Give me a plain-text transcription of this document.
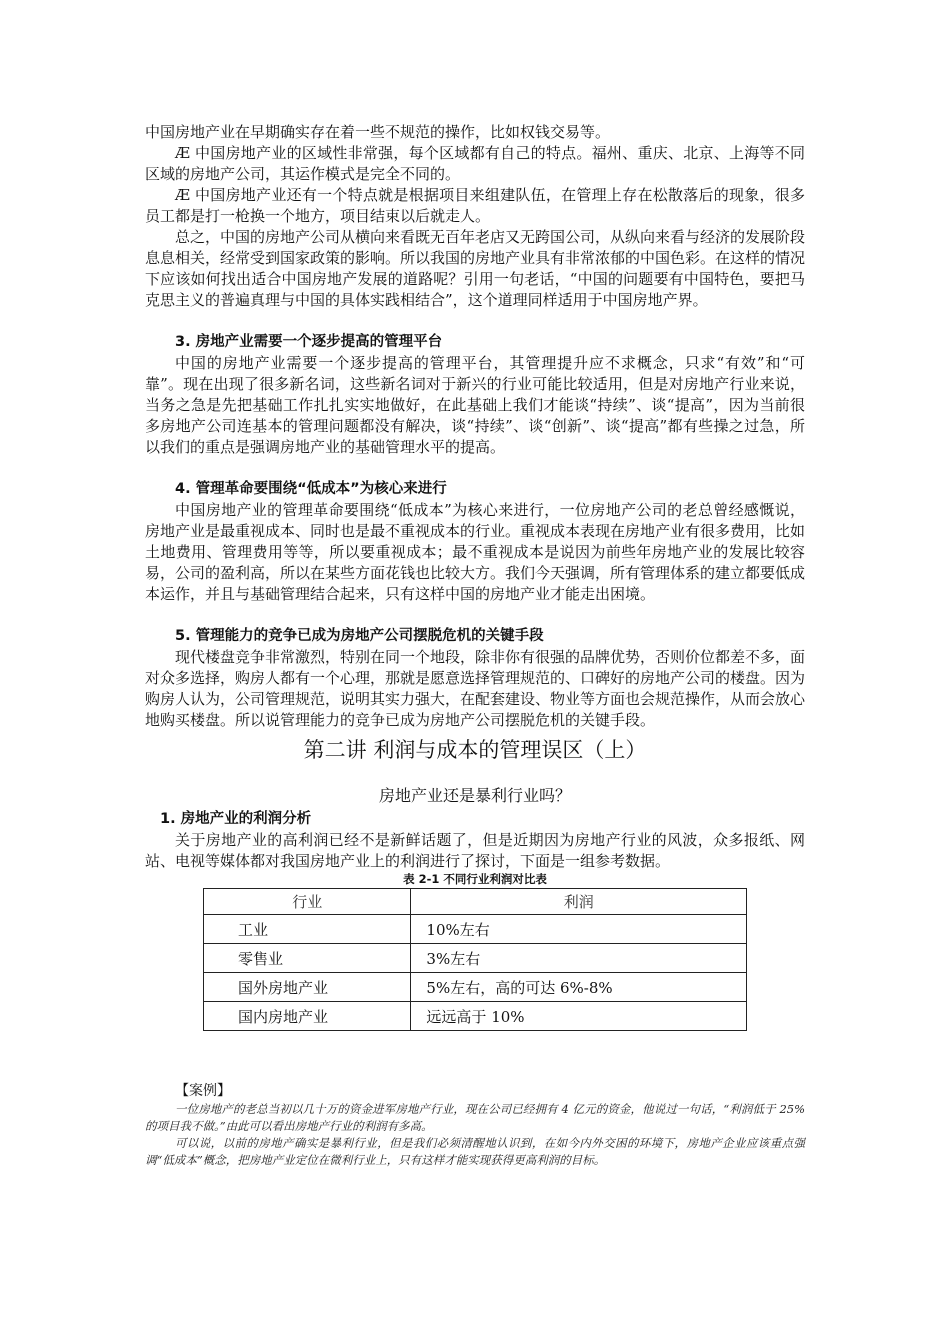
中国房地产业在早期确实存在着一些不规范的操作，比如权钱交易等。

Æ 中国房地产业的区域性非常强，每个区域都有自己的特点。福州、重庆、北京、上海等不同区域的房地产公司，其运作模式是完全不同的。

Æ 中国房地产业还有一个特点就是根据项目来组建队伍，在管理上存在松散落后的现象，很多员工都是打一枪换一个地方，项目结束以后就走人。

总之，中国的房地产公司从横向来看既无百年老店又无跨国公司，从纵向来看与经济的发展阶段息息相关，经常受到国家政策的影响。所以我国的房地产业具有非常浓郁的中国色彩。在这样的情况下应该如何找出适合中国房地产发展的道路呢？引用一句老话，“中国的问题要有中国特色，要把马克思主义的普遍真理与中国的具体实践相结合”，这个道理同样适用于中国房地产界。

3. 房地产业需要一个逐步提高的管理平台

中国的房地产业需要一个逐步提高的管理平台，其管理提升应不求概念，只求“有效”和“可靠”。现在出现了很多新名词，这些新名词对于新兴的行业可能比较适用，但是对房地产行业来说，当务之急是先把基础工作扎扎实实地做好，在此基础上我们才能谈“持续”、谈“提高”，因为当前很多房地产公司连基本的管理问题都没有解决，谈“持续”、谈“创新”、谈“提高”都有些操之过急，所以我们的重点是强调房地产业的基础管理水平的提高。

4. 管理革命要围绕“低成本”为核心来进行

中国房地产业的管理革命要围绕“低成本”为核心来进行，一位房地产公司的老总曾经感慨说，房地产业是最重视成本、同时也是最不重视成本的行业。重视成本表现在房地产业有很多费用，比如土地费用、管理费用等等，所以要重视成本；最不重视成本是说因为前些年房地产业的发展比较容易，公司的盈利高，所以在某些方面花钱也比较大方。我们今天强调，所有管理体系的建立都要低成本运作，并且与基础管理结合起来，只有这样中国的房地产业才能走出困境。

5. 管理能力的竞争已成为房地产公司摆脱危机的关键手段

现代楼盘竞争非常激烈，特别在同一个地段，除非你有很强的品牌优势，否则价位都差不多，面对众多选择，购房人都有一个心理，那就是愿意选择管理规范的、口碑好的房地产公司的楼盘。因为购房人认为，公司管理规范，说明其实力强大，在配套建设、物业等方面也会规范操作，从而会放心地购买楼盘。所以说管理能力的竞争已成为房地产公司摆脱危机的关键手段。

第二讲 利润与成本的管理误区（上）
房地产业还是暴利行业吗？
1. 房地产业的利润分析

关于房地产业的高利润已经不是新鲜话题了，但是近期因为房地产行业的风波，众多报纸、网站、电视等媒体都对我国房地产业上的利润进行了探讨，下面是一组参考数据。

表 2-1 不同行业利润对比表
行业	利润
工业	10%左右
零售业	3%左右
国外房地产业	5%左右，高的可达 6%-8%
国内房地产业	远远高于 10%
【案例】

一位房地产的老总当初以几十万的资金进军房地产行业，现在公司已经拥有 4 亿元的资金，他说过一句话，“利润低于 25%的项目我不做。”由此可以看出房地产行业的利润有多高。

可以说，以前的房地产确实是暴利行业，但是我们必须清醒地认识到，在如今内外交困的环境下，房地产企业应该重点强调“低成本”概念，把房地产业定位在微利行业上，只有这样才能实现获得更高利润的目标。
